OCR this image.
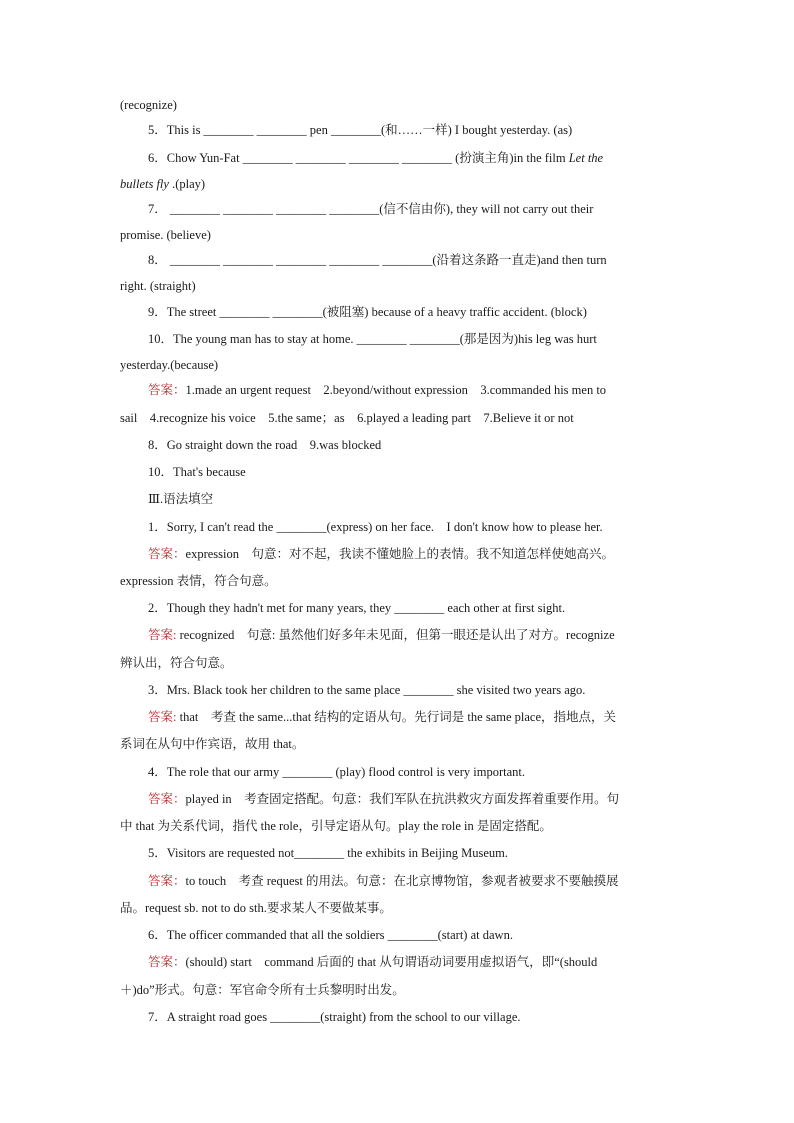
(recognize)
5．This is ________ ________ pen ________(和……一样) I bought yesterday. (as)
6．Chow Yun-Fat ________ ________ ________ ________ (扮演主角)in the film Let the
bullets fly .(play)
7． ________ ________ ________ ________(信不信由你), they will not carry out their
promise. (believe)
8． ________ ________ ________ ________ ________(沿着这条路一直走)and then turn
right. (straight)
9．The street ________ ________(被阻塞) because of a heavy traffic accident. (block)
10．The young man has to stay at home. ________ ________(那是因为)his leg was hurt
yesterday.(because)
答案：1.made an urgent request　2.beyond/without expression　3.commanded his men to
sail　4.recognize his voice　5.the same；as　6.played a leading part　7.Believe it or not
8．Go straight down the road　9.was blocked
10．That's because
Ⅲ.语法填空
1．Sorry, I can't read the ________(express) on her face.　I don't know how to please her.
答案：expression　句意：对不起，我读不懂她脸上的表情。我不知道怎样使她高兴。
expression 表情，符合句意。
2．Though they hadn't met for many years, they ________ each other at first sight.
答案: recognized　句意: 虽然他们好多年未见面，但第一眼还是认出了对方。recognize
辨认出，符合句意。
3．Mrs. Black took her children to the same place ________ she visited two years ago.
答案: that　考查 the same...that 结构的定语从句。先行词是 the same place，指地点，关
系词在从句中作宾语，故用 that。
4．The role that our army ________ (play) flood control is very important.
答案：played in　考查固定搭配。句意：我们军队在抗洪救灾方面发挥着重要作用。句
中 that 为关系代词，指代 the role，引导定语从句。play the role in 是固定搭配。
5．Visitors are requested not________ the exhibits in Beijing Museum.
答案：to touch　考查 request 的用法。句意：在北京博物馆，参观者被要求不要触摸展
品。request sb. not to do sth.要求某人不要做某事。
6．The officer commanded that all the soldiers ________(start) at dawn.
答案：(should) start　command 后面的 that 从句谓语动词要用虚拟语气，即“(should
＋)do”形式。句意：军官命令所有士兵黎明时出发。
7．A straight road goes ________(straight) from the school to our village.
